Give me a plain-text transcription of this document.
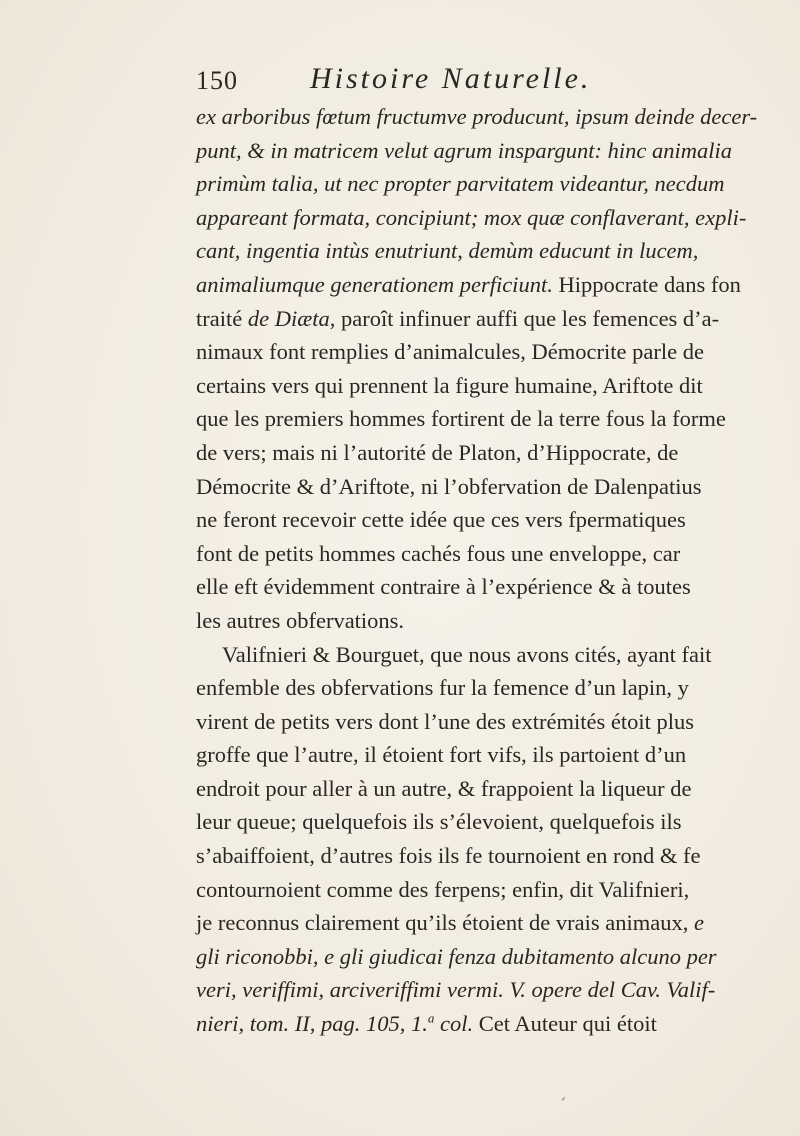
150 Histoire Naturelle.
ex arboribus fœtum fructumve producunt, ipsum deinde decer-
punt, & in matricem velut agrum inspargunt: hinc animalia
primùm talia, ut nec propter parvitatem videantur, necdum
appareant formata, concipiunt; mox quæ conflaverant, expli-
cant, ingentia intùs enutriunt, demùm educunt in lucem,
animaliumque generationem perficiunt. Hippocrate dans fon
traité de Diæta, paroît infinuer auffi que les femences d’a-
nimaux font remplies d’animalcules, Démocrite parle de
certains vers qui prennent la figure humaine, Ariftote dit
que les premiers hommes fortirent de la terre fous la forme
de vers; mais ni l’autorité de Platon, d’Hippocrate, de
Démocrite & d’Ariftote, ni l’obfervation de Dalenpatius
ne feront recevoir cette idée que ces vers fpermatiques
font de petits hommes cachés fous une enveloppe, car
elle eft évidemment contraire à l’expérience & à toutes
les autres obfervations.
Valifnieri & Bourguet, que nous avons cités, ayant fait
enfemble des obfervations fur la femence d’un lapin, y
virent de petits vers dont l’une des extrémités étoit plus
groffe que l’autre, il étoient fort vifs, ils partoient d’un
endroit pour aller à un autre, & frappoient la liqueur de
leur queue; quelquefois ils s’élevoient, quelquefois ils
s’abaiffoient, d’autres fois ils fe tournoient en rond & fe
contournoient comme des ferpens; enfin, dit Valifnieri,
je reconnus clairement qu’ils étoient de vrais animaux, e
gli riconobbi, e gli giudicai fenza dubitamento alcuno per
veri, veriffimi, arciveriffimi vermi. V. opere del Cav. Valif-
nieri, tom. II, pag. 105, 1.$^a$ col. Cet Auteur qui étoit
